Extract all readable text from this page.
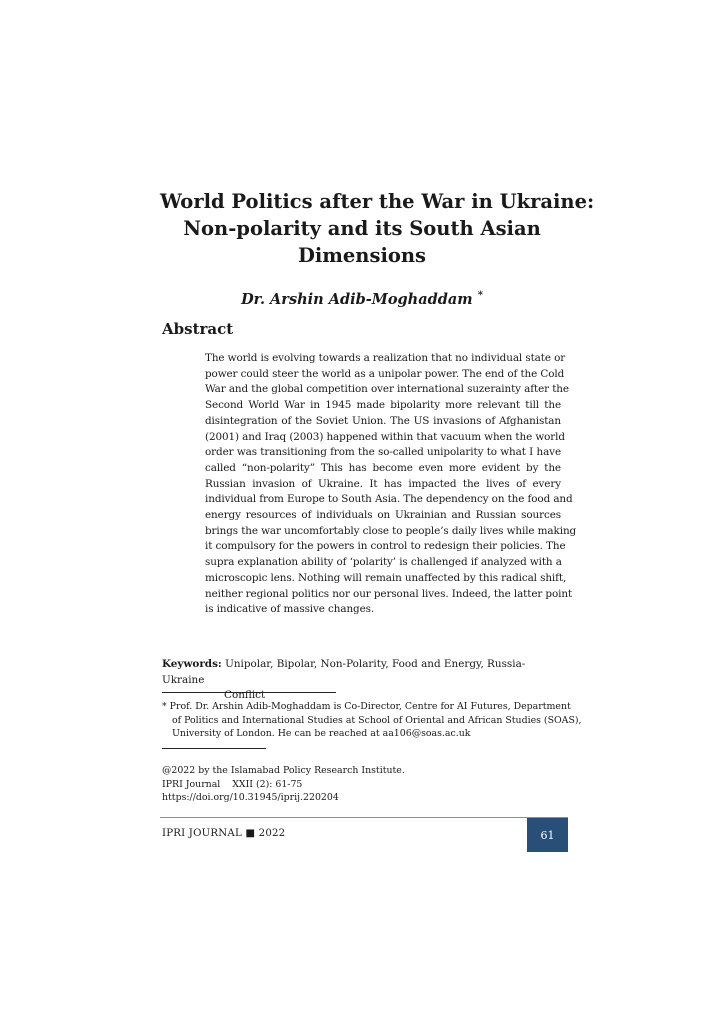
World Politics after the War in Ukraine:
Non-polarity and its South Asian
Dimensions
Dr. Arshin Adib-Moghaddam *
Abstract
The world is evolving towards a realization that no individual state or
power could steer the world as a unipolar power. The end of the Cold
War and the global competition over international suzerainty after the
Second World War in 1945 made bipolarity more relevant till the
disintegration of the Soviet Union. The US invasions of Afghanistan
(2001) and Iraq (2003) happened within that vacuum when the world
order was transitioning from the so-called unipolarity to what I have
called “non-polarity” This has become even more evident by the
Russian invasion of Ukraine. It has impacted the lives of every
individual from Europe to South Asia. The dependency on the food and
energy resources of individuals on Ukrainian and Russian sources
brings the war uncomfortably close to people’s daily lives while making
it compulsory for the powers in control to redesign their policies. The
supra explanation ability of ‘polarity’ is challenged if analyzed with a
microscopic lens. Nothing will remain unaffected by this radical shift,
neither regional politics nor our personal lives. Indeed, the latter point
is indicative of massive changes.
Keywords: Unipolar, Bipolar, Non-Polarity, Food and Energy, Russia-Ukraine
Conflict
* Prof. Dr. Arshin Adib-Moghaddam is Co-Director, Centre for AI Futures, Department
of Politics and International Studies at School of Oriental and African Studies (SOAS),
University of London. He can be reached at aa106@soas.ac.uk
@2022 by the Islamabad Policy Research Institute.
IPRI Journal    XXII (2): 61-75
https://doi.org/10.31945/iprij.220204
IPRI JOURNAL ■ 2022	61
